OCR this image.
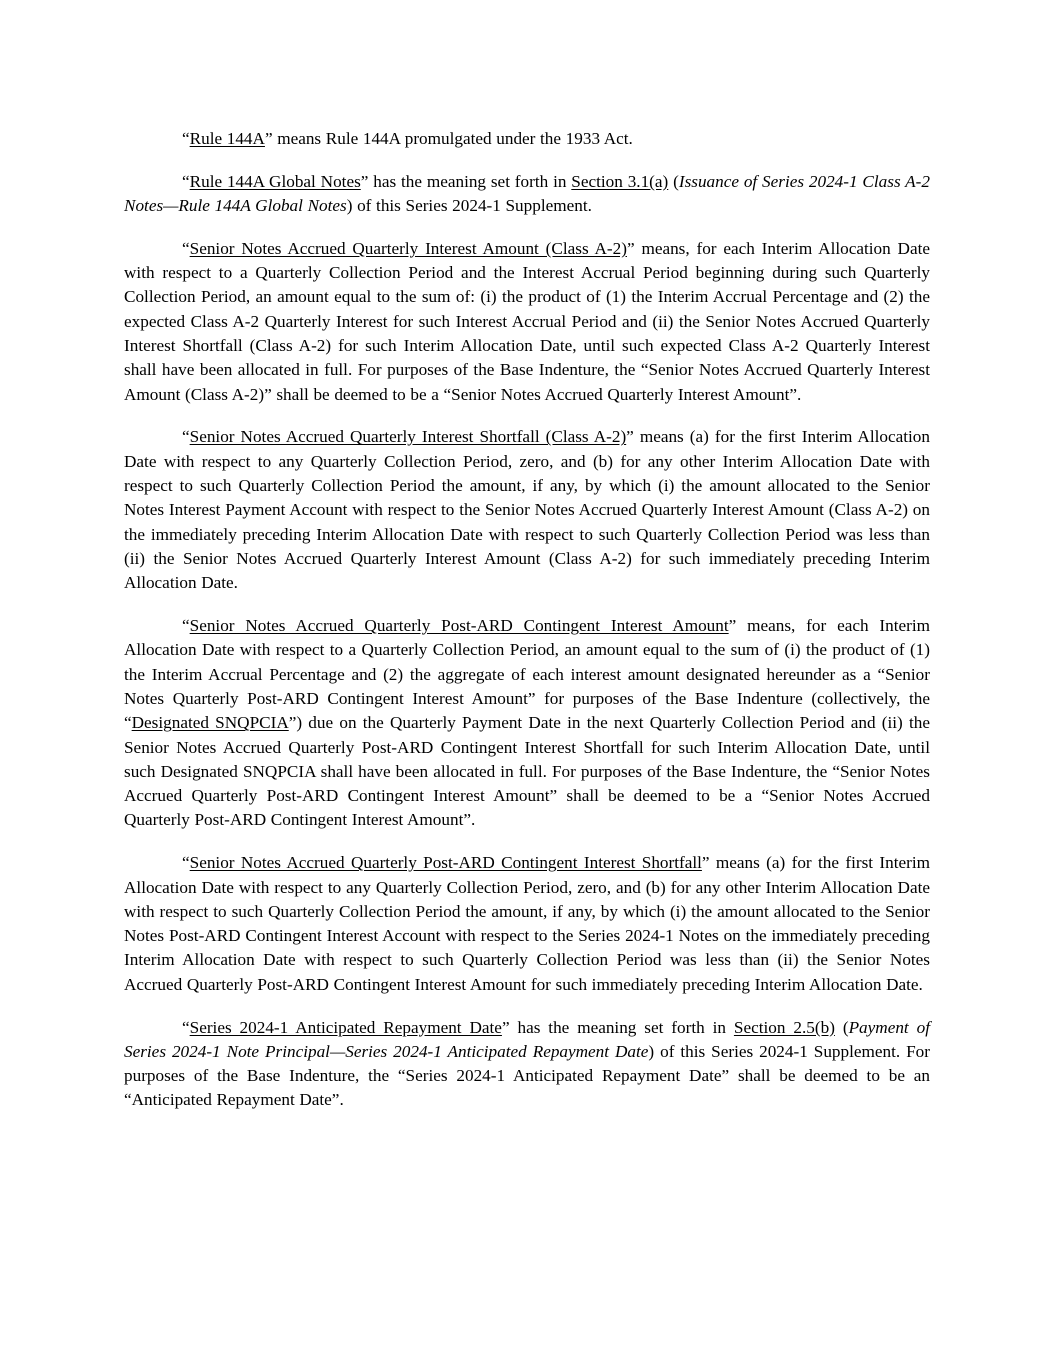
“Rule 144A” means Rule 144A promulgated under the 1933 Act.

“Rule 144A Global Notes” has the meaning set forth in Section 3.1(a) (Issuance of Series 2024-1 Class A-2 Notes—Rule 144A Global Notes) of this Series 2024-1 Supplement.

“Senior Notes Accrued Quarterly Interest Amount (Class A-2)” means, for each Interim Allocation Date with respect to a Quarterly Collection Period and the Interest Accrual Period beginning during such Quarterly Collection Period, an amount equal to the sum of: (i) the product of (1) the Interim Accrual Percentage and (2) the expected Class A-2 Quarterly Interest for such Interest Accrual Period and (ii) the Senior Notes Accrued Quarterly Interest Shortfall (Class A-2) for such Interim Allocation Date, until such expected Class A-2 Quarterly Interest shall have been allocated in full. For purposes of the Base Indenture, the “Senior Notes Accrued Quarterly Interest Amount (Class A-2)” shall be deemed to be a “Senior Notes Accrued Quarterly Interest Amount”.

“Senior Notes Accrued Quarterly Interest Shortfall (Class A-2)” means (a) for the first Interim Allocation Date with respect to any Quarterly Collection Period, zero, and (b) for any other Interim Allocation Date with respect to such Quarterly Collection Period the amount, if any, by which (i) the amount allocated to the Senior Notes Interest Payment Account with respect to the Senior Notes Accrued Quarterly Interest Amount (Class A-2) on the immediately preceding Interim Allocation Date with respect to such Quarterly Collection Period was less than (ii) the Senior Notes Accrued Quarterly Interest Amount (Class A-2) for such immediately preceding Interim Allocation Date.

“Senior Notes Accrued Quarterly Post-ARD Contingent Interest Amount” means, for each Interim Allocation Date with respect to a Quarterly Collection Period, an amount equal to the sum of (i) the product of (1) the Interim Accrual Percentage and (2) the aggregate of each interest amount designated hereunder as a “Senior Notes Quarterly Post-ARD Contingent Interest Amount” for purposes of the Base Indenture (collectively, the “Designated SNQPCIA”) due on the Quarterly Payment Date in the next Quarterly Collection Period and (ii) the Senior Notes Accrued Quarterly Post-ARD Contingent Interest Shortfall for such Interim Allocation Date, until such Designated SNQPCIA shall have been allocated in full. For purposes of the Base Indenture, the “Senior Notes Accrued Quarterly Post-ARD Contingent Interest Amount” shall be deemed to be a “Senior Notes Accrued Quarterly Post-ARD Contingent Interest Amount”.

“Senior Notes Accrued Quarterly Post-ARD Contingent Interest Shortfall” means (a) for the first Interim Allocation Date with respect to any Quarterly Collection Period, zero, and (b) for any other Interim Allocation Date with respect to such Quarterly Collection Period the amount, if any, by which (i) the amount allocated to the Senior Notes Post-ARD Contingent Interest Account with respect to the Series 2024-1 Notes on the immediately preceding Interim Allocation Date with respect to such Quarterly Collection Period was less than (ii) the Senior Notes Accrued Quarterly Post-ARD Contingent Interest Amount for such immediately preceding Interim Allocation Date.

“Series 2024-1 Anticipated Repayment Date” has the meaning set forth in Section 2.5(b) (Payment of Series 2024-1 Note Principal—Series 2024-1 Anticipated Repayment Date) of this Series 2024-1 Supplement. For purposes of the Base Indenture, the “Series 2024-1 Anticipated Repayment Date” shall be deemed to be an “Anticipated Repayment Date”.
